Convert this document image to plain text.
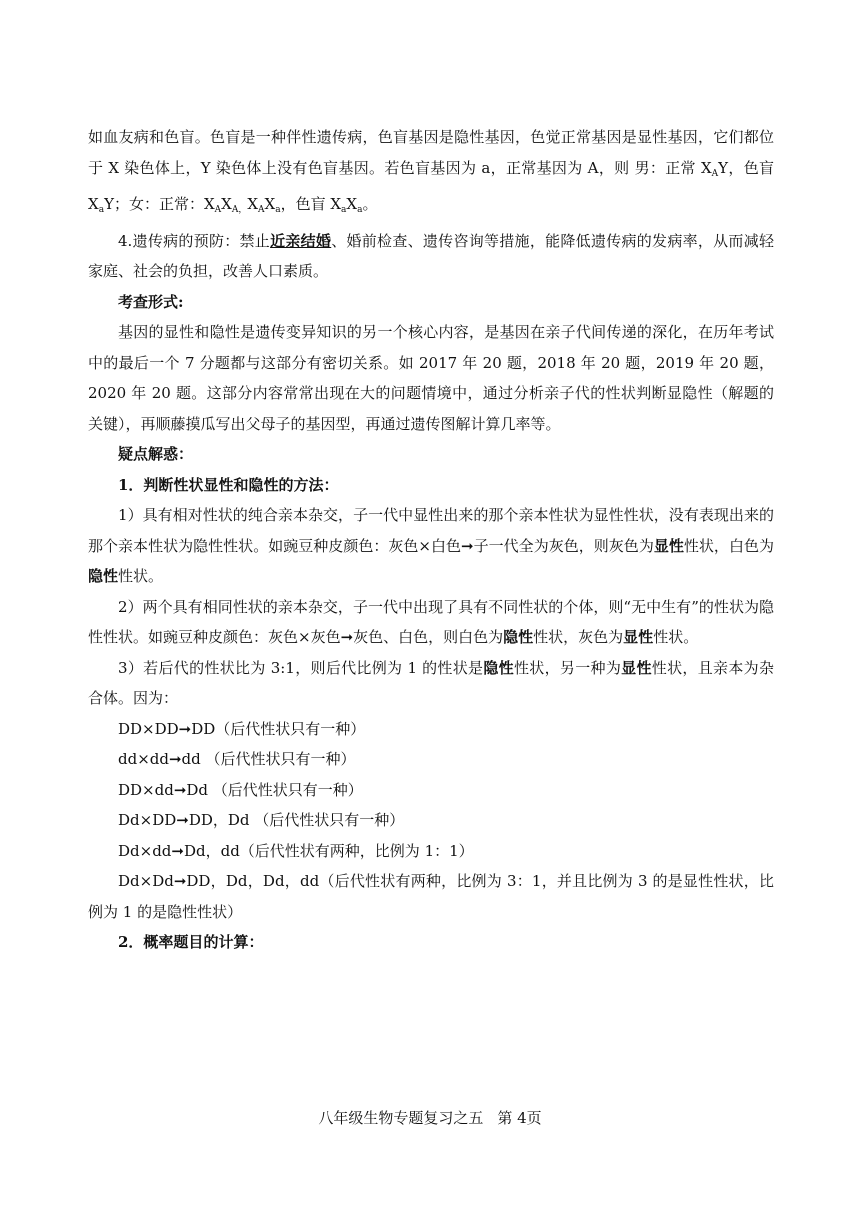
如血友病和色盲。色盲是一种伴性遗传病，色盲基因是隐性基因，色觉正常基因是显性基因，它们都位于 X 染色体上，Y 染色体上没有色盲基因。若色盲基因为 a，正常基因为 A，则 男：正常 $X_AY$，色盲 $X_aY$；女：正常：$X_AX_{A,}X_AX_a$，色盲 $X_aX_a$。

4.遗传病的预防：禁止近亲结婚、婚前检查、遗传咨询等措施，能降低遗传病的发病率，从而减轻家庭、社会的负担，改善人口素质。

考查形式:

基因的显性和隐性是遗传变异知识的另一个核心内容，是基因在亲子代间传递的深化，在历年考试中的最后一个 7 分题都与这部分有密切关系。如 2017 年 20 题，2018 年 20 题，2019 年 20 题，2020 年 20 题。这部分内容常常出现在大的问题情境中，通过分析亲子代的性状判断显隐性（解题的关键），再顺藤摸瓜写出父母子的基因型，再通过遗传图解计算几率等。

疑点解惑：

1．判断性状显性和隐性的方法：

1）具有相对性状的纯合亲本杂交，子一代中显性出来的那个亲本性状为显性性状，没有表现出来的那个亲本性状为隐性性状。如豌豆种皮颜色：灰色×白色➞子一代全为灰色，则灰色为显性性状，白色为隐性性状。

2）两个具有相同性状的亲本杂交，子一代中出现了具有不同性状的个体，则“无中生有”的性状为隐性性状。如豌豆种皮颜色：灰色×灰色➞灰色、白色，则白色为隐性性状，灰色为显性性状。

3）若后代的性状比为 3:1，则后代比例为 1 的性状是隐性性状，另一种为显性性状，且亲本为杂合体。因为：

DD×DD➞DD（后代性状只有一种）

dd×dd➞dd （后代性状只有一种）

DD×dd➞Dd （后代性状只有一种）

Dd×DD➞DD，Dd （后代性状只有一种）

Dd×dd➞Dd，dd（后代性状有两种，比例为 1：1）

Dd×Dd➞DD，Dd，Dd，dd（后代性状有两种，比例为 3：1，并且比例为 3 的是显性性状，比例为 1 的是隐性性状）

2．概率题目的计算：

八年级生物专题复习之五 第 4页
